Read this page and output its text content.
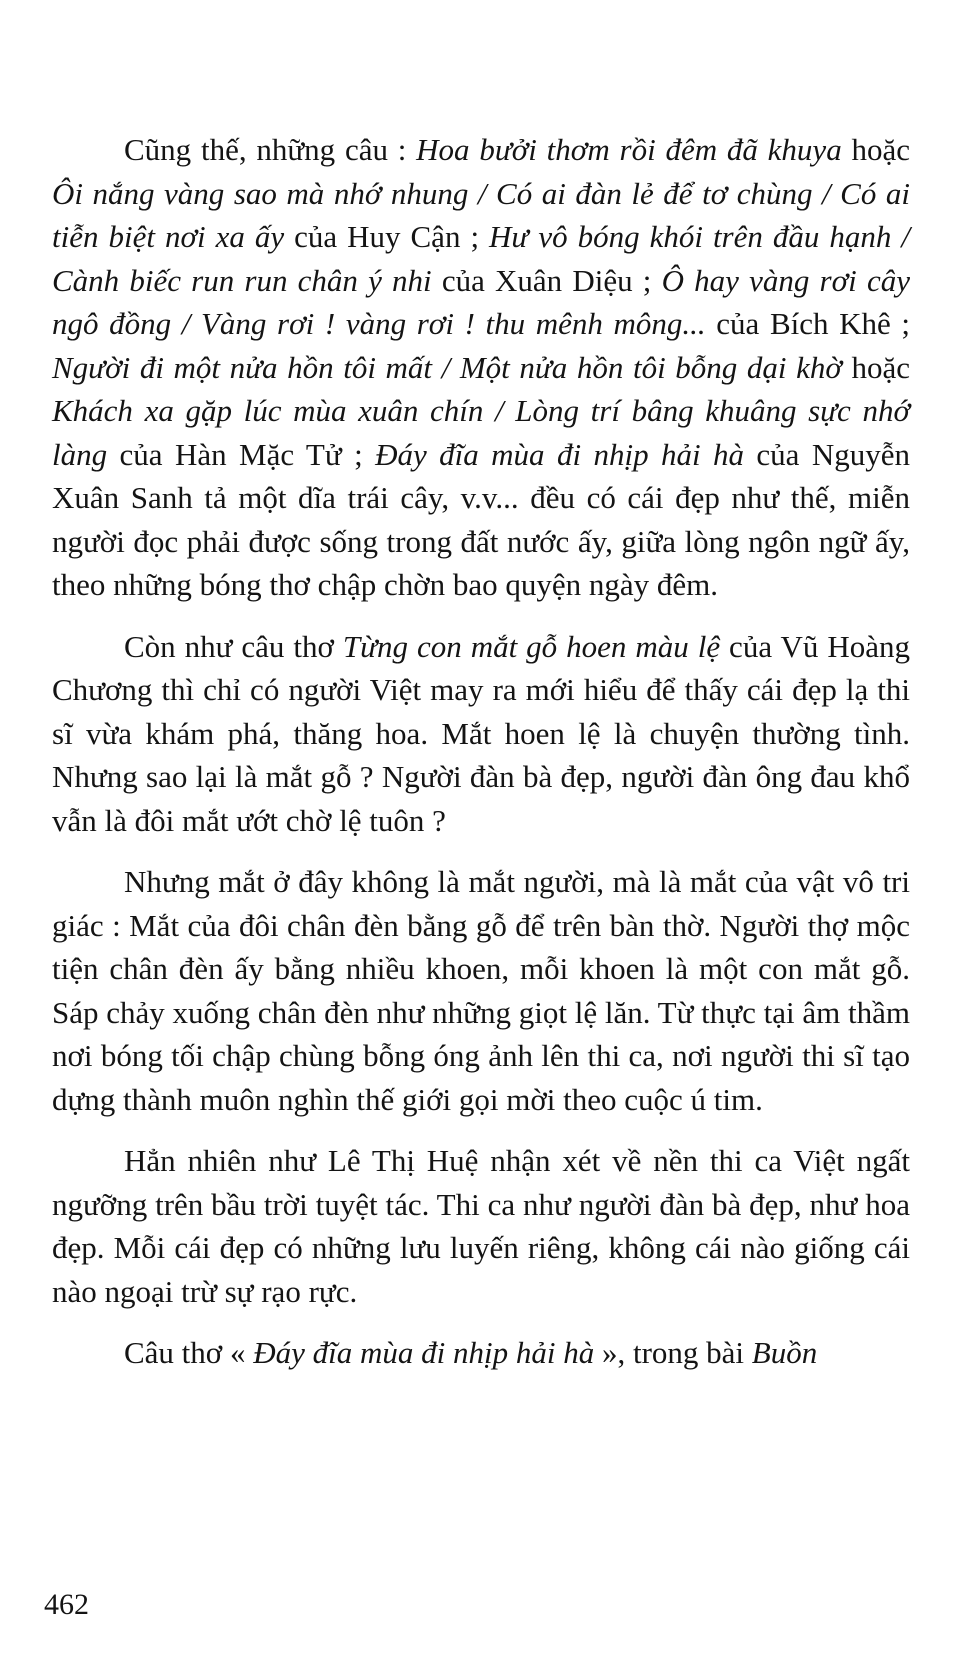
Cũng thế, những câu : Hoa bưởi thơm rồi đêm đã khuya hoặc Ôi nắng vàng sao mà nhớ nhung / Có ai đàn lẻ để tơ chùng / Có ai tiễn biệt nơi xa ấy của Huy Cận ; Hư vô bóng khói trên đầu hạnh / Cành biếc run run chân ý nhi của Xuân Diệu ; Ô hay vàng rơi cây ngô đồng / Vàng rơi ! vàng rơi ! thu mênh mông... của Bích Khê ; Người đi một nửa hồn tôi mất / Một nửa hồn tôi bỗng dại khờ hoặc Khách xa gặp lúc mùa xuân chín / Lòng trí bâng khuâng sực nhớ làng của Hàn Mặc Tử ; Đáy đĩa mùa đi nhịp hải hà của Nguyễn Xuân Sanh tả một dĩa trái cây, v.v... đều có cái đẹp như thế, miễn người đọc phải được sống trong đất nước ấy, giữa lòng ngôn ngữ ấy, theo những bóng thơ chập chờn bao quyện ngày đêm.

Còn như câu thơ Từng con mắt gỗ hoen màu lệ của Vũ Hoàng Chương thì chỉ có người Việt may ra mới hiểu để thấy cái đẹp lạ thi sĩ vừa khám phá, thăng hoa. Mắt hoen lệ là chuyện thường tình. Nhưng sao lại là mắt gỗ ? Người đàn bà đẹp, người đàn ông đau khổ vẫn là đôi mắt ướt chờ lệ tuôn ?

Nhưng mắt ở đây không là mắt người, mà là mắt của vật vô tri giác : Mắt của đôi chân đèn bằng gỗ để trên bàn thờ. Người thợ mộc tiện chân đèn ấy bằng nhiều khoen, mỗi khoen là một con mắt gỗ. Sáp chảy xuống chân đèn như những giọt lệ lăn. Từ thực tại âm thầm nơi bóng tối chập chùng bỗng óng ảnh lên thi ca, nơi người thi sĩ tạo dựng thành muôn nghìn thế giới gọi mời theo cuộc ú tim.

Hẳn nhiên như Lê Thị Huệ nhận xét về nền thi ca Việt ngất ngưỡng trên bầu trời tuyệt tác. Thi ca như người đàn bà đẹp, như hoa đẹp. Mỗi cái đẹp có những lưu luyến riêng, không cái nào giống cái nào ngoại trừ sự rạo rực.

Câu thơ « Đáy đĩa mùa đi nhịp hải hà », trong bài Buồn

462
